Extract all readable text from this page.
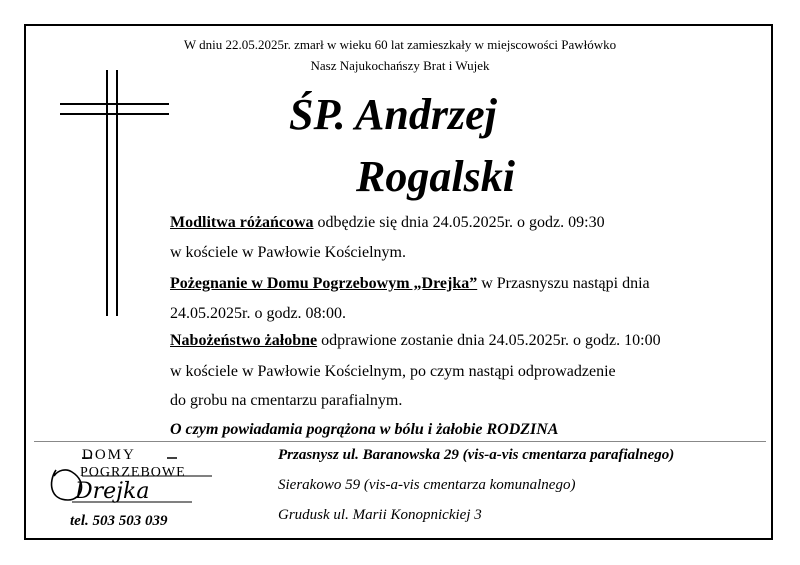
W dniu 22.05.2025r. zmarł w wieku 60 lat zamieszkały w miejscowości Pawłówko
Nasz Najukochańszy Brat i Wujek
ŚP. Andrzej
Rogalski
Modlitwa różańcowa odbędzie się dnia 24.05.2025r. o godz. 09:30
w kościele w Pawłowie Kościelnym.
Pożegnanie w Domu Pogrzebowym „Drejka” w Przasnyszu nastąpi dnia
24.05.2025r. o godz. 08:00.
Nabożeństwo żałobne odprawione zostanie dnia 24.05.2025r. o godz. 10:00
w kościele w Pawłowie Kościelnym, po czym nastąpi odprowadzenie
do grobu na cmentarzu parafialnym.
O czym powiadamia pogrążona w bólu i żałobie RODZINA
DOMY
POGRZEBOWE
Drejka
tel. 503 503 039
Przasnysz ul. Baranowska 29 (vis-a-vis cmentarza parafialnego)
Sierakowo 59 (vis-a-vis cmentarza komunalnego)
Grudusk ul. Marii Konopnickiej 3
